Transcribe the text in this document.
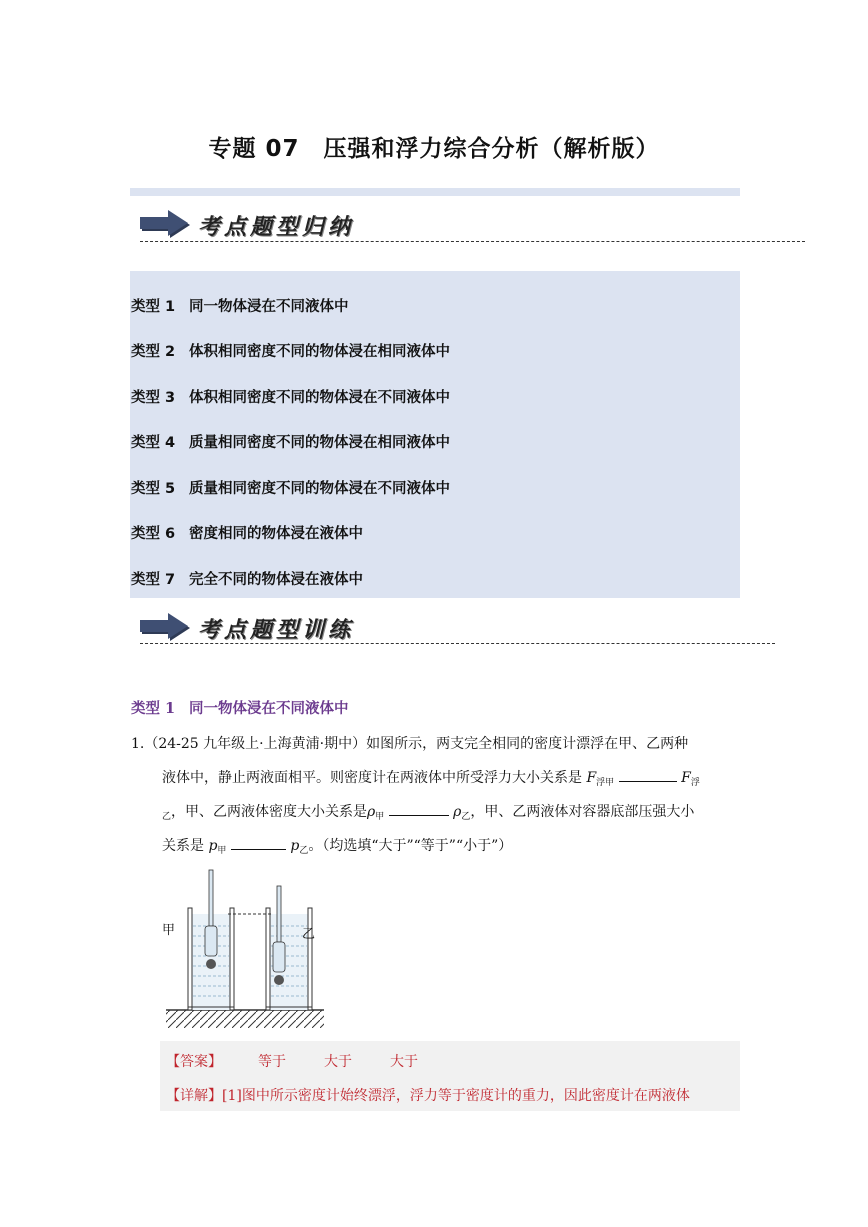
专题 07　压强和浮力综合分析（解析版）
考点题型归纳
类型 1 同一物体浸在不同液体中
类型 2 体积相同密度不同的物体浸在相同液体中
类型 3 体积相同密度不同的物体浸在不同液体中
类型 4 质量相同密度不同的物体浸在相同液体中
类型 5 质量相同密度不同的物体浸在不同液体中
类型 6 密度相同的物体浸在液体中
类型 7 完全不同的物体浸在液体中
考点题型训练
类型 1 同一物体浸在不同液体中
1.（24-25 九年级上·上海黄浦·期中）如图所示，两支完全相同的密度计漂浮在甲、乙两种
液体中，静止两液面相平。则密度计在两液体中所受浮力大小关系是 $F_{浮甲}$	$F_浮$
$_乙$，甲、乙两液体密度大小关系是$\rho_甲$	$\rho_乙$，甲、乙两液体对容器底部压强大小
关系是 $p_甲$	$p_乙$。（均选填“大于”“等于”“小于”）
甲	乙
【答案】	等于	大于	大于
【详解】[1]图中所示密度计始终漂浮，浮力等于密度计的重力，因此密度计在两液体
